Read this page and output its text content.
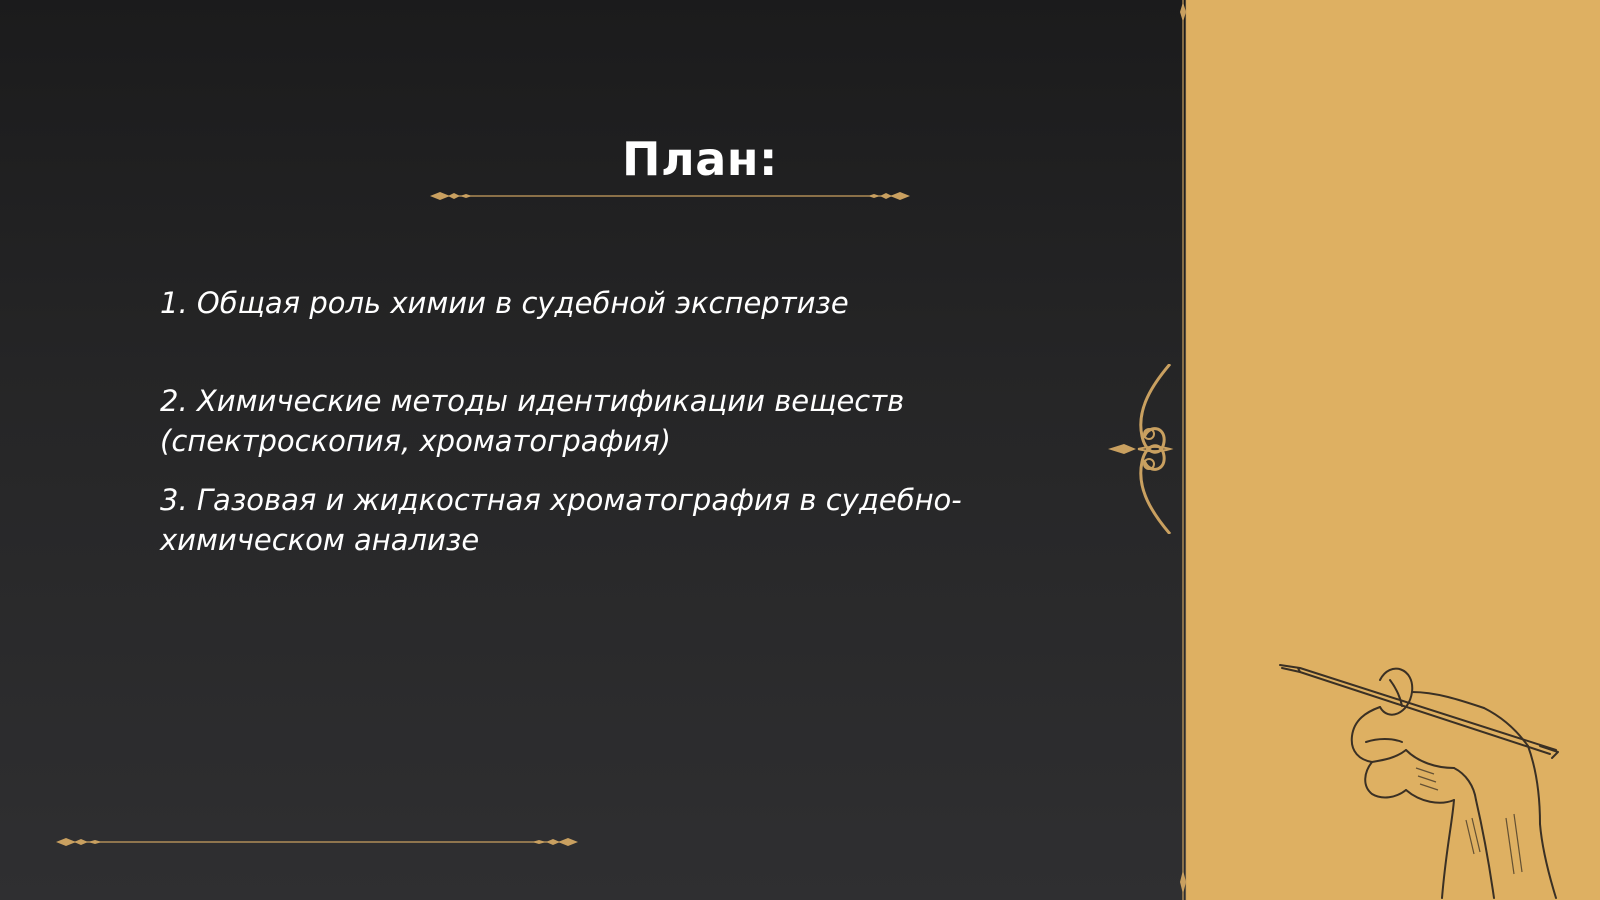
План:
1. Общая роль химии в судебной экспертизе
2. Химические методы идентификации веществ (спектроскопия, хроматография)
3. Газовая и жидкостная хроматография в судебно-химическом анализе
